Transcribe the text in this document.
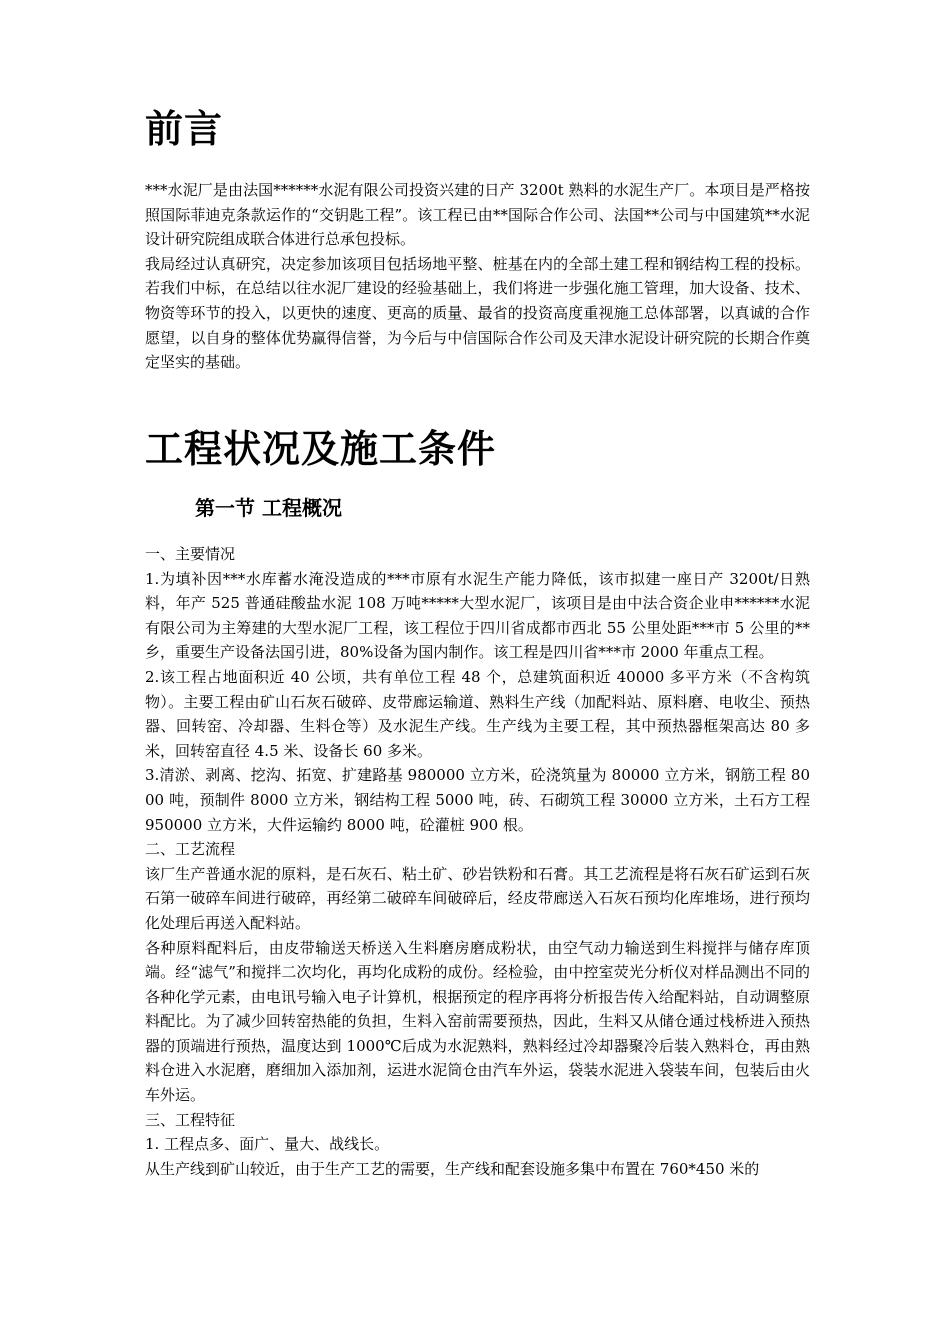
前言

***水泥厂是由法国******水泥有限公司投资兴建的日产 3200t 熟料的水泥生产厂。本项目是严格按照国际菲迪克条款运作的“交钥匙工程”。该工程已由**国际合作公司、法国**公司与中国建筑**水泥设计研究院组成联合体进行总承包投标。

我局经过认真研究，决定参加该项目包括场地平整、桩基在内的全部土建工程和钢结构工程的投标。若我们中标，在总结以往水泥厂建设的经验基础上，我们将进一步强化施工管理，加大设备、技术、物资等环节的投入，以更快的速度、更高的质量、最省的投资高度重视施工总体部署，以真诚的合作愿望，以自身的整体优势赢得信誉，为今后与中信国际合作公司及天津水泥设计研究院的长期合作奠定坚实的基础。

工程状况及施工条件
第一节 工程概况

一、主要情况

1.为填补因***水库蓄水淹没造成的***市原有水泥生产能力降低，该市拟建一座日产 3200t/日熟料，年产 525 普通硅酸盐水泥 108 万吨*****大型水泥厂，该项目是由中法合资企业申******水泥有限公司为主筹建的大型水泥厂工程，该工程位于四川省成都市西北 55 公里处距***市 5 公里的**乡，重要生产设备法国引进，80%设备为国内制作。该工程是四川省***市 2000 年重点工程。

2.该工程占地面积近 40 公顷，共有单位工程 48 个，总建筑面积近 40000 多平方米（不含构筑物）。主要工程由矿山石灰石破碎、皮带廊运输道、熟料生产线（加配料站、原料磨、电收尘、预热器、回转窑、冷却器、生料仓等）及水泥生产线。生产线为主要工程，其中预热器框架高达 80 多米，回转窑直径 4.5 米、设备长 60 多米。

3.清淤、剥离、挖沟、拓宽、扩建路基 980000 立方米，砼浇筑量为 80000 立方米，钢筋工程 8000 吨，预制件 8000 立方米，钢结构工程 5000 吨，砖、石砌筑工程 30000 立方米，土石方工程 950000 立方米，大件运输约 8000 吨，砼灌桩 900 根。

二、工艺流程

该厂生产普通水泥的原料，是石灰石、粘土矿、砂岩铁粉和石膏。其工艺流程是将石灰石矿运到石灰石第一破碎车间进行破碎，再经第二破碎车间破碎后，经皮带廊送入石灰石预均化库堆场，进行预均化处理后再送入配料站。

各种原料配料后，由皮带输送天桥送入生料磨房磨成粉状，由空气动力输送到生料搅拌与储存库顶端。经“滤气”和搅拌二次均化，再均化成粉的成份。经检验，由中控室荧光分析仪对样品测出不同的各种化学元素，由电讯号输入电子计算机，根据预定的程序再将分析报告传入给配料站，自动调整原料配比。为了减少回转窑热能的负担，生料入窑前需要预热，因此，生料又从储仓通过栈桥进入预热器的顶端进行预热，温度达到 1000℃后成为水泥熟料，熟料经过冷却器聚冷后装入熟料仓，再由熟料仓进入水泥磨，磨细加入添加剂，运进水泥筒仓由汽车外运，袋装水泥进入袋装车间，包装后由火车外运。

三、工程特征

1. 工程点多、面广、量大、战线长。

从生产线到矿山较近，由于生产工艺的需要，生产线和配套设施多集中布置在 760*450 米的
